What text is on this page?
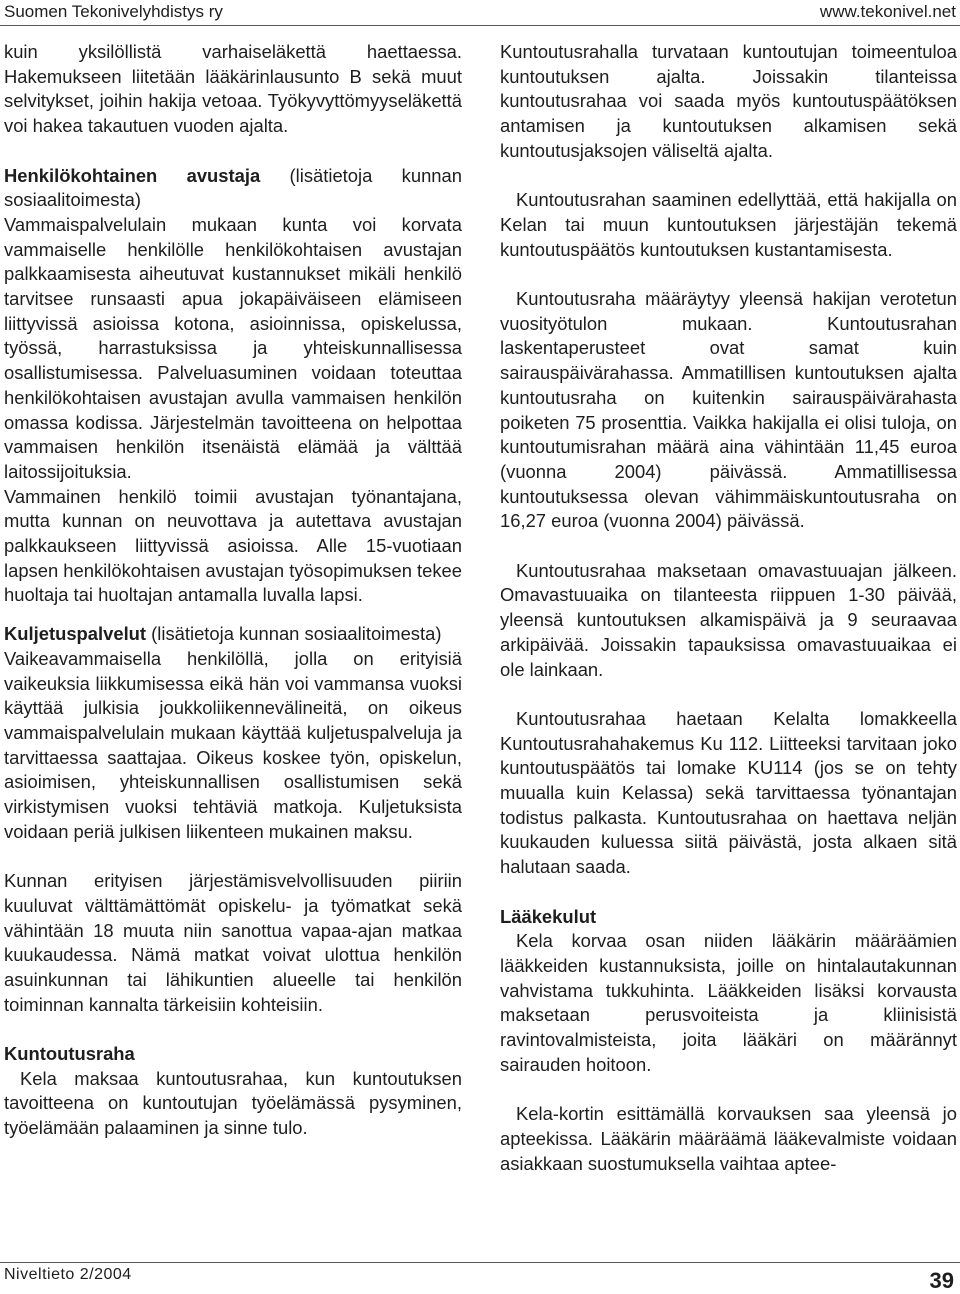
Suomen Tekonivelyhdistys ry	www.tekonivel.net

kuin yksilöllistä varhaiseläkettä haettaessa. Hakemukseen liitetään lääkärinlausunto B sekä muut selvitykset, joihin hakija vetoaa. Työkyvyttömyyseläkettä voi hakea takautuen vuoden ajalta.

Henkilökohtainen avustaja (lisätietoja kunnan sosiaalitoimesta)

Vammaispalvelulain mukaan kunta voi korvata vammaiselle henkilölle henkilökohtaisen avustajan palkkaamisesta aiheutuvat kustannukset mikäli henkilö tarvitsee runsaasti apua jokapäiväiseen elämiseen liittyvissä asioissa kotona, asioinnissa, opiskelussa, työssä, harrastuksissa ja yhteiskunnallisessa osallistumisessa. Palveluasuminen voidaan toteuttaa henkilökohtaisen avustajan avulla vammaisen henkilön omassa kodissa. Järjestelmän tavoitteena on helpottaa vammaisen henkilön itsenäistä elämää ja välttää laitossijoituksia.

Vammainen henkilö toimii avustajan työnantajana, mutta kunnan on neuvottava ja autettava avustajan palkkaukseen liittyvissä asioissa. Alle 15-vuotiaan lapsen henkilökohtaisen avustajan työsopimuksen tekee huoltaja tai huoltajan antamalla luvalla lapsi.

Kuljetuspalvelut (lisätietoja kunnan sosiaalitoimesta)

Vaikeavammaisella henkilöllä, jolla on erityisiä vaikeuksia liikkumisessa eikä hän voi vammansa vuoksi käyttää julkisia joukkoliikennevälineitä, on oikeus vammaispalvelulain mukaan käyttää kuljetuspalveluja ja tarvittaessa saattajaa. Oikeus koskee työn, opiskelun, asioimisen, yhteiskunnallisen osallistumisen sekä virkistymisen vuoksi tehtäviä matkoja. Kuljetuksista voidaan periä julkisen liikenteen mukainen maksu.

Kunnan erityisen järjestämisvelvollisuuden piiriin kuuluvat välttämättömät opiskelu- ja työmatkat sekä vähintään 18 muuta niin sanottua vapaa-ajan matkaa kuukaudessa. Nämä matkat voivat ulottua henkilön asuinkunnan tai lähikuntien alueelle tai henkilön toiminnan kannalta tärkeisiin kohteisiin.

Kuntoutusraha

Kela maksaa kuntoutusrahaa, kun kuntoutuksen tavoitteena on kuntoutujan työelämässä pysyminen, työelämään palaaminen ja sinne tulo.

Kuntoutusrahalla turvataan kuntoutujan toimeentuloa kuntoutuksen ajalta. Joissakin tilanteissa kuntoutusrahaa voi saada myös kuntoutuspäätöksen antamisen ja kuntoutuksen alkamisen sekä kuntoutusjaksojen väliseltä ajalta.

Kuntoutusrahan saaminen edellyttää, että hakijalla on Kelan tai muun kuntoutuksen järjestäjän tekemä kuntoutuspäätös kuntoutuksen kustantamisesta.

Kuntoutusraha määräytyy yleensä hakijan verotetun vuosityötulon mukaan. Kuntoutusrahan laskentaperusteet ovat samat kuin sairauspäivärahassa. Ammatillisen kuntoutuksen ajalta kuntoutusraha on kuitenkin sairauspäivärahasta poiketen 75 prosenttia. Vaikka hakijalla ei olisi tuloja, on kuntoutumisrahan määrä aina vähintään 11,45 euroa (vuonna 2004) päivässä. Ammatillisessa kuntoutuksessa olevan vähimmäiskuntoutusraha on 16,27 euroa (vuonna 2004) päivässä.

Kuntoutusrahaa maksetaan omavastuuajan jälkeen. Omavastuuaika on tilanteesta riippuen 1-30 päivää, yleensä kuntoutuksen alkamispäivä ja 9 seuraavaa arkipäivää. Joissakin tapauksissa omavastuuaikaa ei ole lainkaan.

Kuntoutusrahaa haetaan Kelalta lomakkeella Kuntoutusrahahakemus Ku 112. Liitteeksi tarvitaan joko kuntoutuspäätös tai lomake KU114 (jos se on tehty muualla kuin Kelassa) sekä tarvittaessa työnantajan todistus palkasta. Kuntoutusrahaa on haettava neljän kuukauden kuluessa siitä päivästä, josta alkaen sitä halutaan saada.

Lääkekulut

Kela korvaa osan niiden lääkärin määräämien lääkkeiden kustannuksista, joille on hintalautakunnan vahvistama tukkuhinta. Lääkkeiden lisäksi korvausta maksetaan perusvoiteista ja kliinisistä ravintovalmisteista, joita lääkäri on määrännyt sairauden hoitoon.

Kela-kortin esittämällä korvauksen saa yleensä jo apteekissa. Lääkärin määräämä lääkevalmiste voidaan asiakkaan suostumuksella vaihtaa aptee-

Niveltieto 2/2004	39
